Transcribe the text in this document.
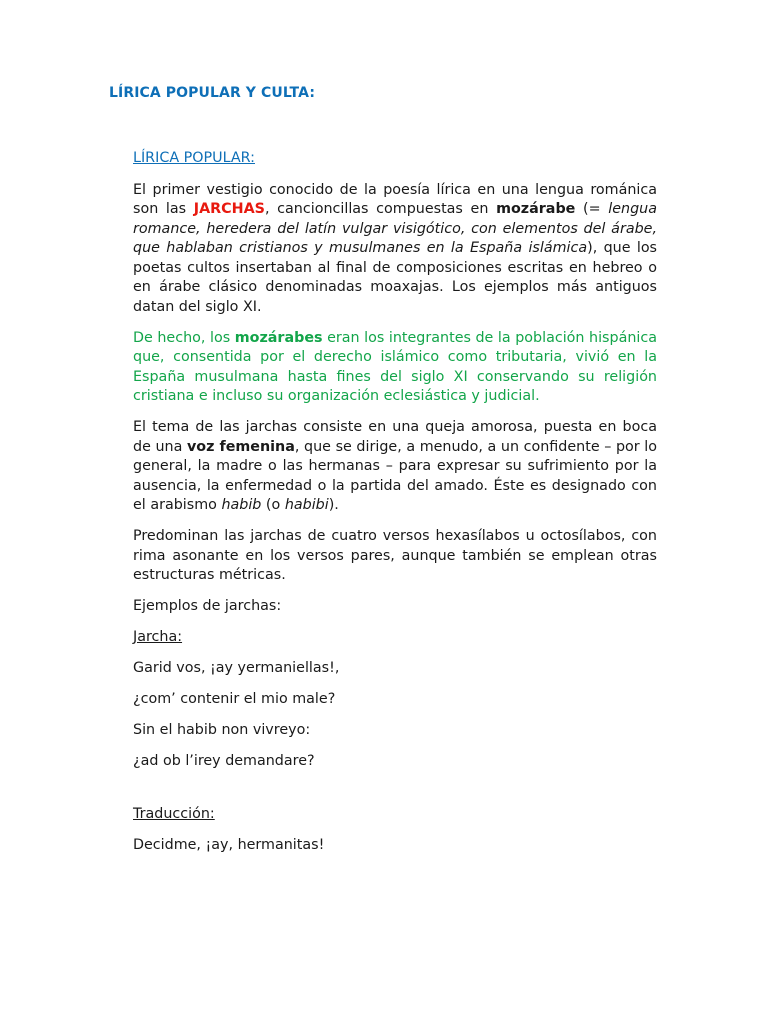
LÍRICA POPULAR Y CULTA:

LÍRICA POPULAR:

El primer vestigio conocido de la poesía lírica en una lengua románica son las JARCHAS, cancioncillas compuestas en mozárabe (= lengua romance, heredera del latín vulgar visigótico, con elementos del árabe, que hablaban cristianos y musulmanes en la España islámica), que los poetas cultos insertaban al final de composiciones escritas en hebreo o en árabe clásico denominadas moaxajas. Los ejemplos más antiguos datan del siglo XI.

De hecho, los mozárabes eran los integrantes de la población hispánica que, consentida por el derecho islámico como tributaria, vivió en la España musulmana hasta fines del siglo XI conservando su religión cristiana e incluso su organización eclesiástica y judicial.

El tema de las jarchas consiste en una queja amorosa, puesta en boca de una voz femenina, que se dirige, a menudo, a un confidente – por lo general, la madre o las hermanas – para expresar su sufrimiento por la ausencia, la enfermedad o la partida del amado. Éste es designado con el arabismo habib (o habibi).

Predominan las jarchas de cuatro versos hexasílabos u octosílabos, con rima asonante en los versos pares, aunque también se emplean otras estructuras métricas.

Ejemplos de jarchas:

Jarcha:

Garid vos, ¡ay yermaniellas!,

¿com’ contenir el mio male?

Sin el habib non vivreyo:

¿ad ob l’irey demandare?

Traducción:

Decidme, ¡ay, hermanitas!
